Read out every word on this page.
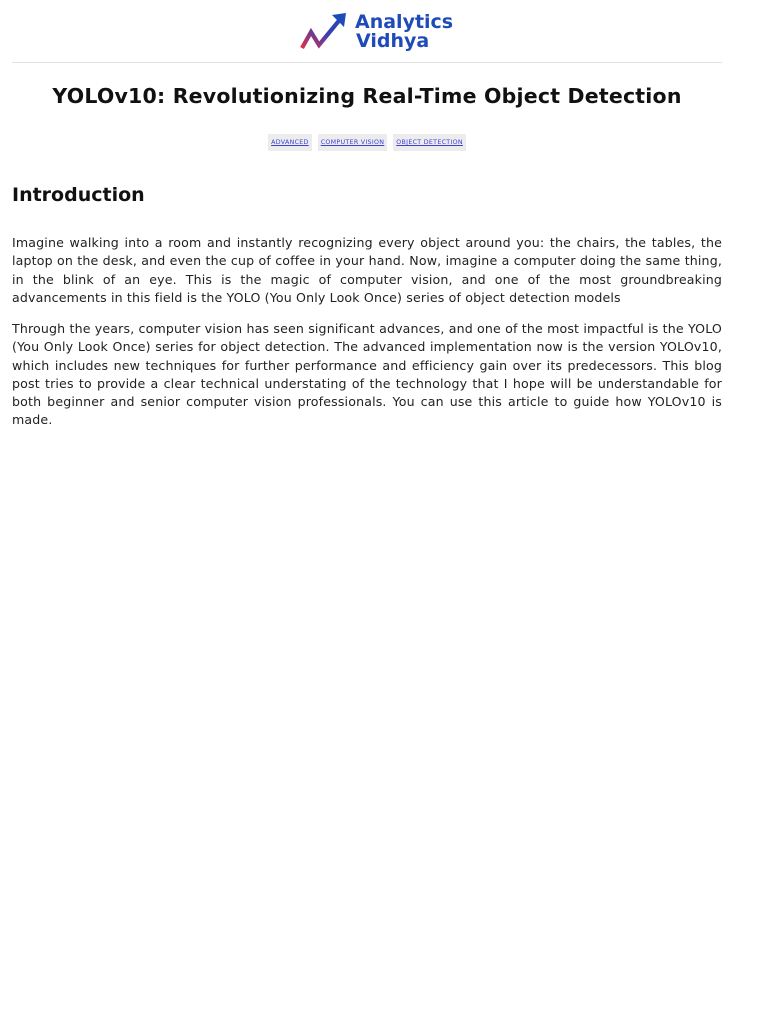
Analytics
Vidhya
YOLOv10: Revolutionizing Real-Time Object Detection
ADVANCED	COMPUTER VISION	OBJECT DETECTION
Introduction

Imagine walking into a room and instantly recognizing every object around you: the chairs, the tables, the laptop on the desk, and even the cup of coffee in your hand. Now, imagine a computer doing the same thing, in the blink of an eye. This is the magic of computer vision, and one of the most groundbreaking advancements in this field is the YOLO (You Only Look Once) series of object detection models

Through the years, computer vision has seen significant advances, and one of the most impactful is the YOLO (You Only Look Once) series for object detection. The advanced implementation now is the version YOLOv10, which includes new techniques for further performance and efficiency gain over its predecessors. This blog post tries to provide a clear technical understating of the technology that I hope will be understandable for both beginner and senior computer vision professionals. You can use this article to guide how YOLOv10 is made.
